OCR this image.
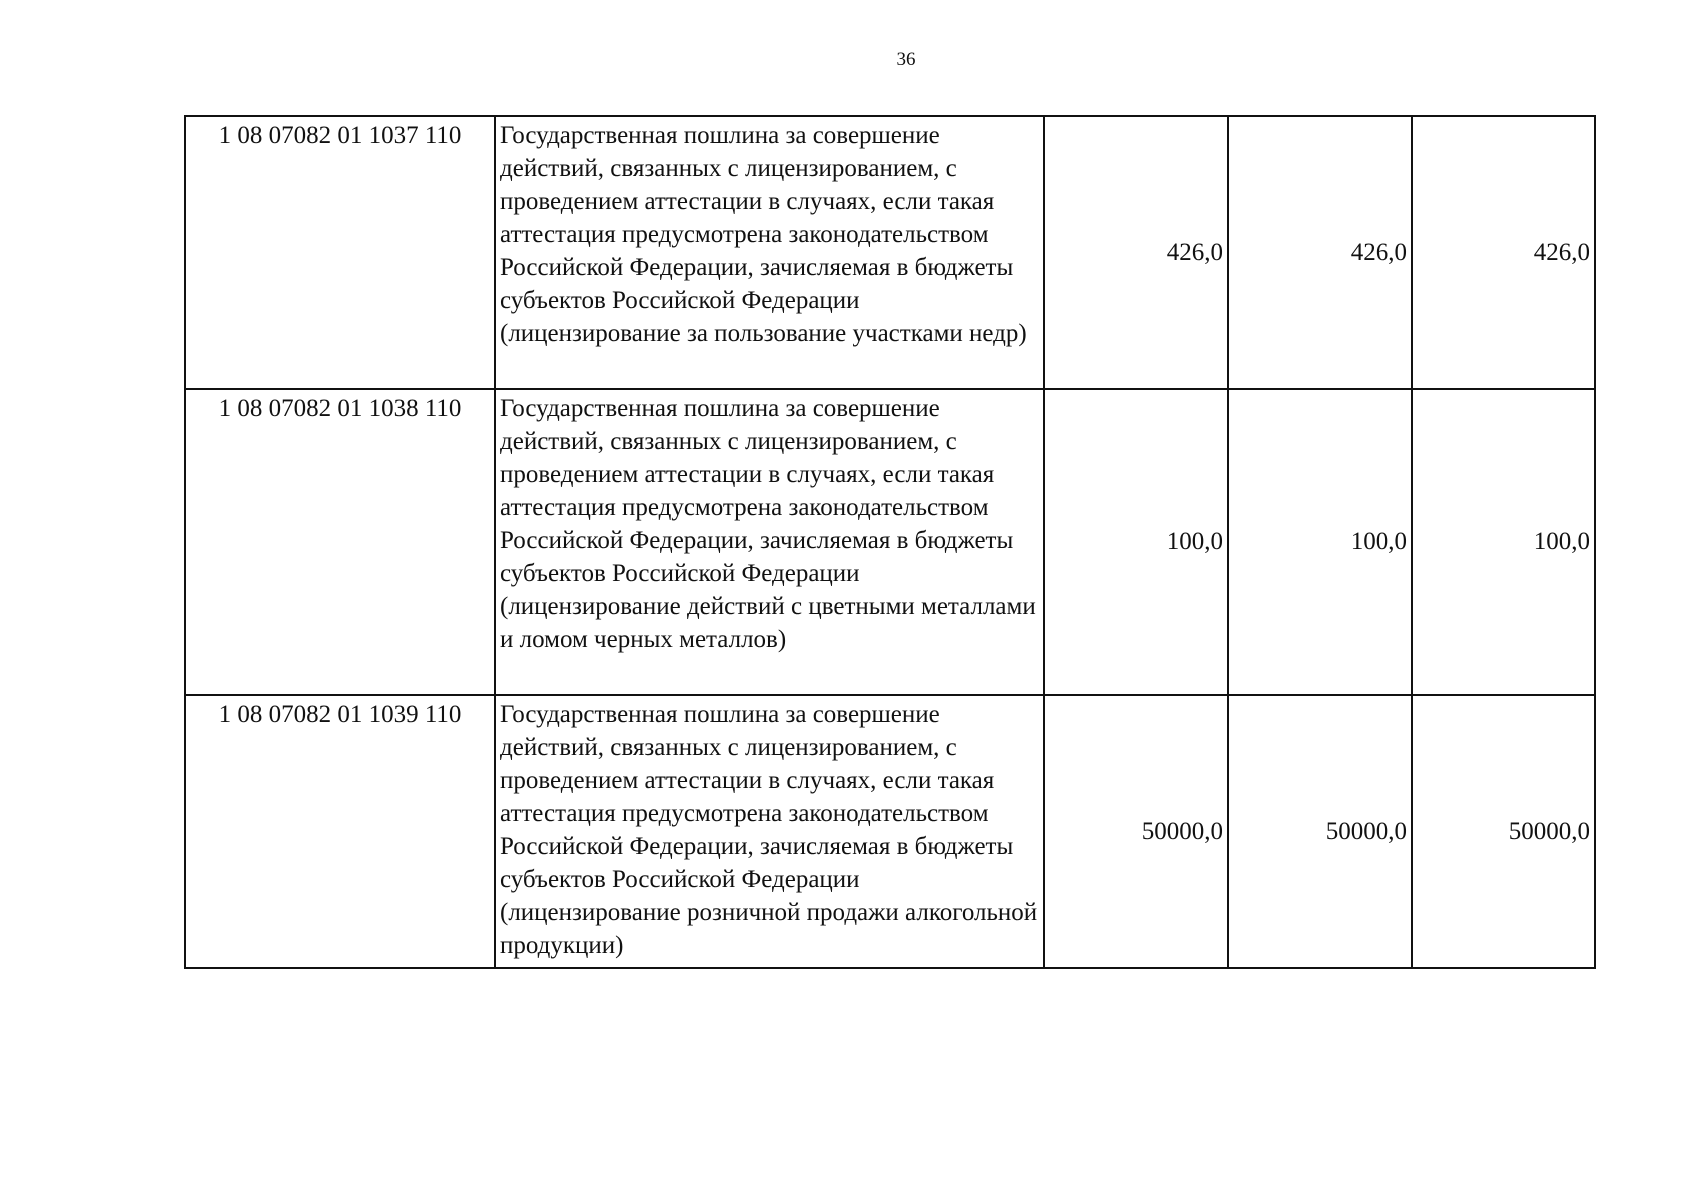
36
1 08 07082 01 1037 110	Государственная пошлина за совершение действий, связанных с лицензированием, с проведением аттестации в случаях, если такая аттестация предусмотрена законодательством Российской Федерации, зачисляемая в бюджеты субъектов Российской Федерации (лицензирование за пользование участками недр)	426,0	426,0	426,0
1 08 07082 01 1038 110	Государственная пошлина за совершение действий, связанных с лицензированием, с проведением аттестации в случаях, если такая аттестация предусмотрена законодательством Российской Федерации, зачисляемая в бюджеты субъектов Российской Федерации (лицензирование действий с цветными металлами и ломом черных металлов)	100,0	100,0	100,0
1 08 07082 01 1039 110	Государственная пошлина за совершение действий, связанных с лицензированием, с проведением аттестации в случаях, если такая аттестация предусмотрена законодательством Российской Федерации, зачисляемая в бюджеты субъектов Российской Федерации (лицензирование розничной продажи алкогольной продукции)	50000,0	50000,0	50000,0
